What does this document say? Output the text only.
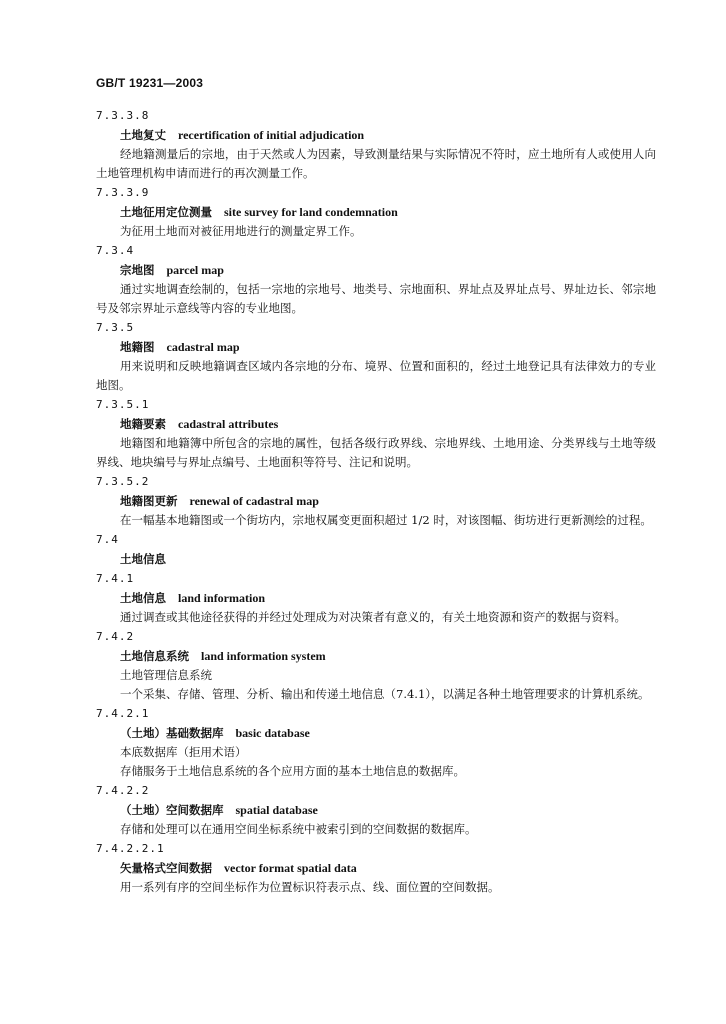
GB/T 19231—2003

7.3.3.8

土地复丈 recertification of initial adjudication

经地籍测量后的宗地，由于天然或人为因素，导致测量结果与实际情况不符时，应土地所有人或使用人向土地管理机构申请而进行的再次测量工作。

7.3.3.9

土地征用定位测量 site survey for land condemnation

为征用土地而对被征用地进行的测量定界工作。

7.3.4

宗地图 parcel map

通过实地调查绘制的，包括一宗地的宗地号、地类号、宗地面积、界址点及界址点号、界址边长、邻宗地号及邻宗界址示意线等内容的专业地图。

7.3.5

地籍图 cadastral map

用来说明和反映地籍调查区域内各宗地的分布、境界、位置和面积的，经过土地登记具有法律效力的专业地图。

7.3.5.1

地籍要素 cadastral attributes

地籍图和地籍簿中所包含的宗地的属性，包括各级行政界线、宗地界线、土地用途、分类界线与土地等级界线、地块编号与界址点编号、土地面积等符号、注记和说明。

7.3.5.2

地籍图更新 renewal of cadastral map

在一幅基本地籍图或一个街坊内，宗地权属变更面积超过 1/2 时，对该图幅、街坊进行更新测绘的过程。

7.4

土地信息

7.4.1

土地信息 land information

通过调查或其他途径获得的并经过处理成为对决策者有意义的，有关土地资源和资产的数据与资料。

7.4.2

土地信息系统 land information system

土地管理信息系统

一个采集、存储、管理、分析、输出和传递土地信息（7.4.1），以满足各种土地管理要求的计算机系统。

7.4.2.1

（土地）基础数据库 basic database

本底数据库（拒用术语）

存储服务于土地信息系统的各个应用方面的基本土地信息的数据库。

7.4.2.2

（土地）空间数据库 spatial database

存储和处理可以在通用空间坐标系统中被索引到的空间数据的数据库。

7.4.2.2.1

矢量格式空间数据 vector format spatial data

用一系列有序的空间坐标作为位置标识符表示点、线、面位置的空间数据。
